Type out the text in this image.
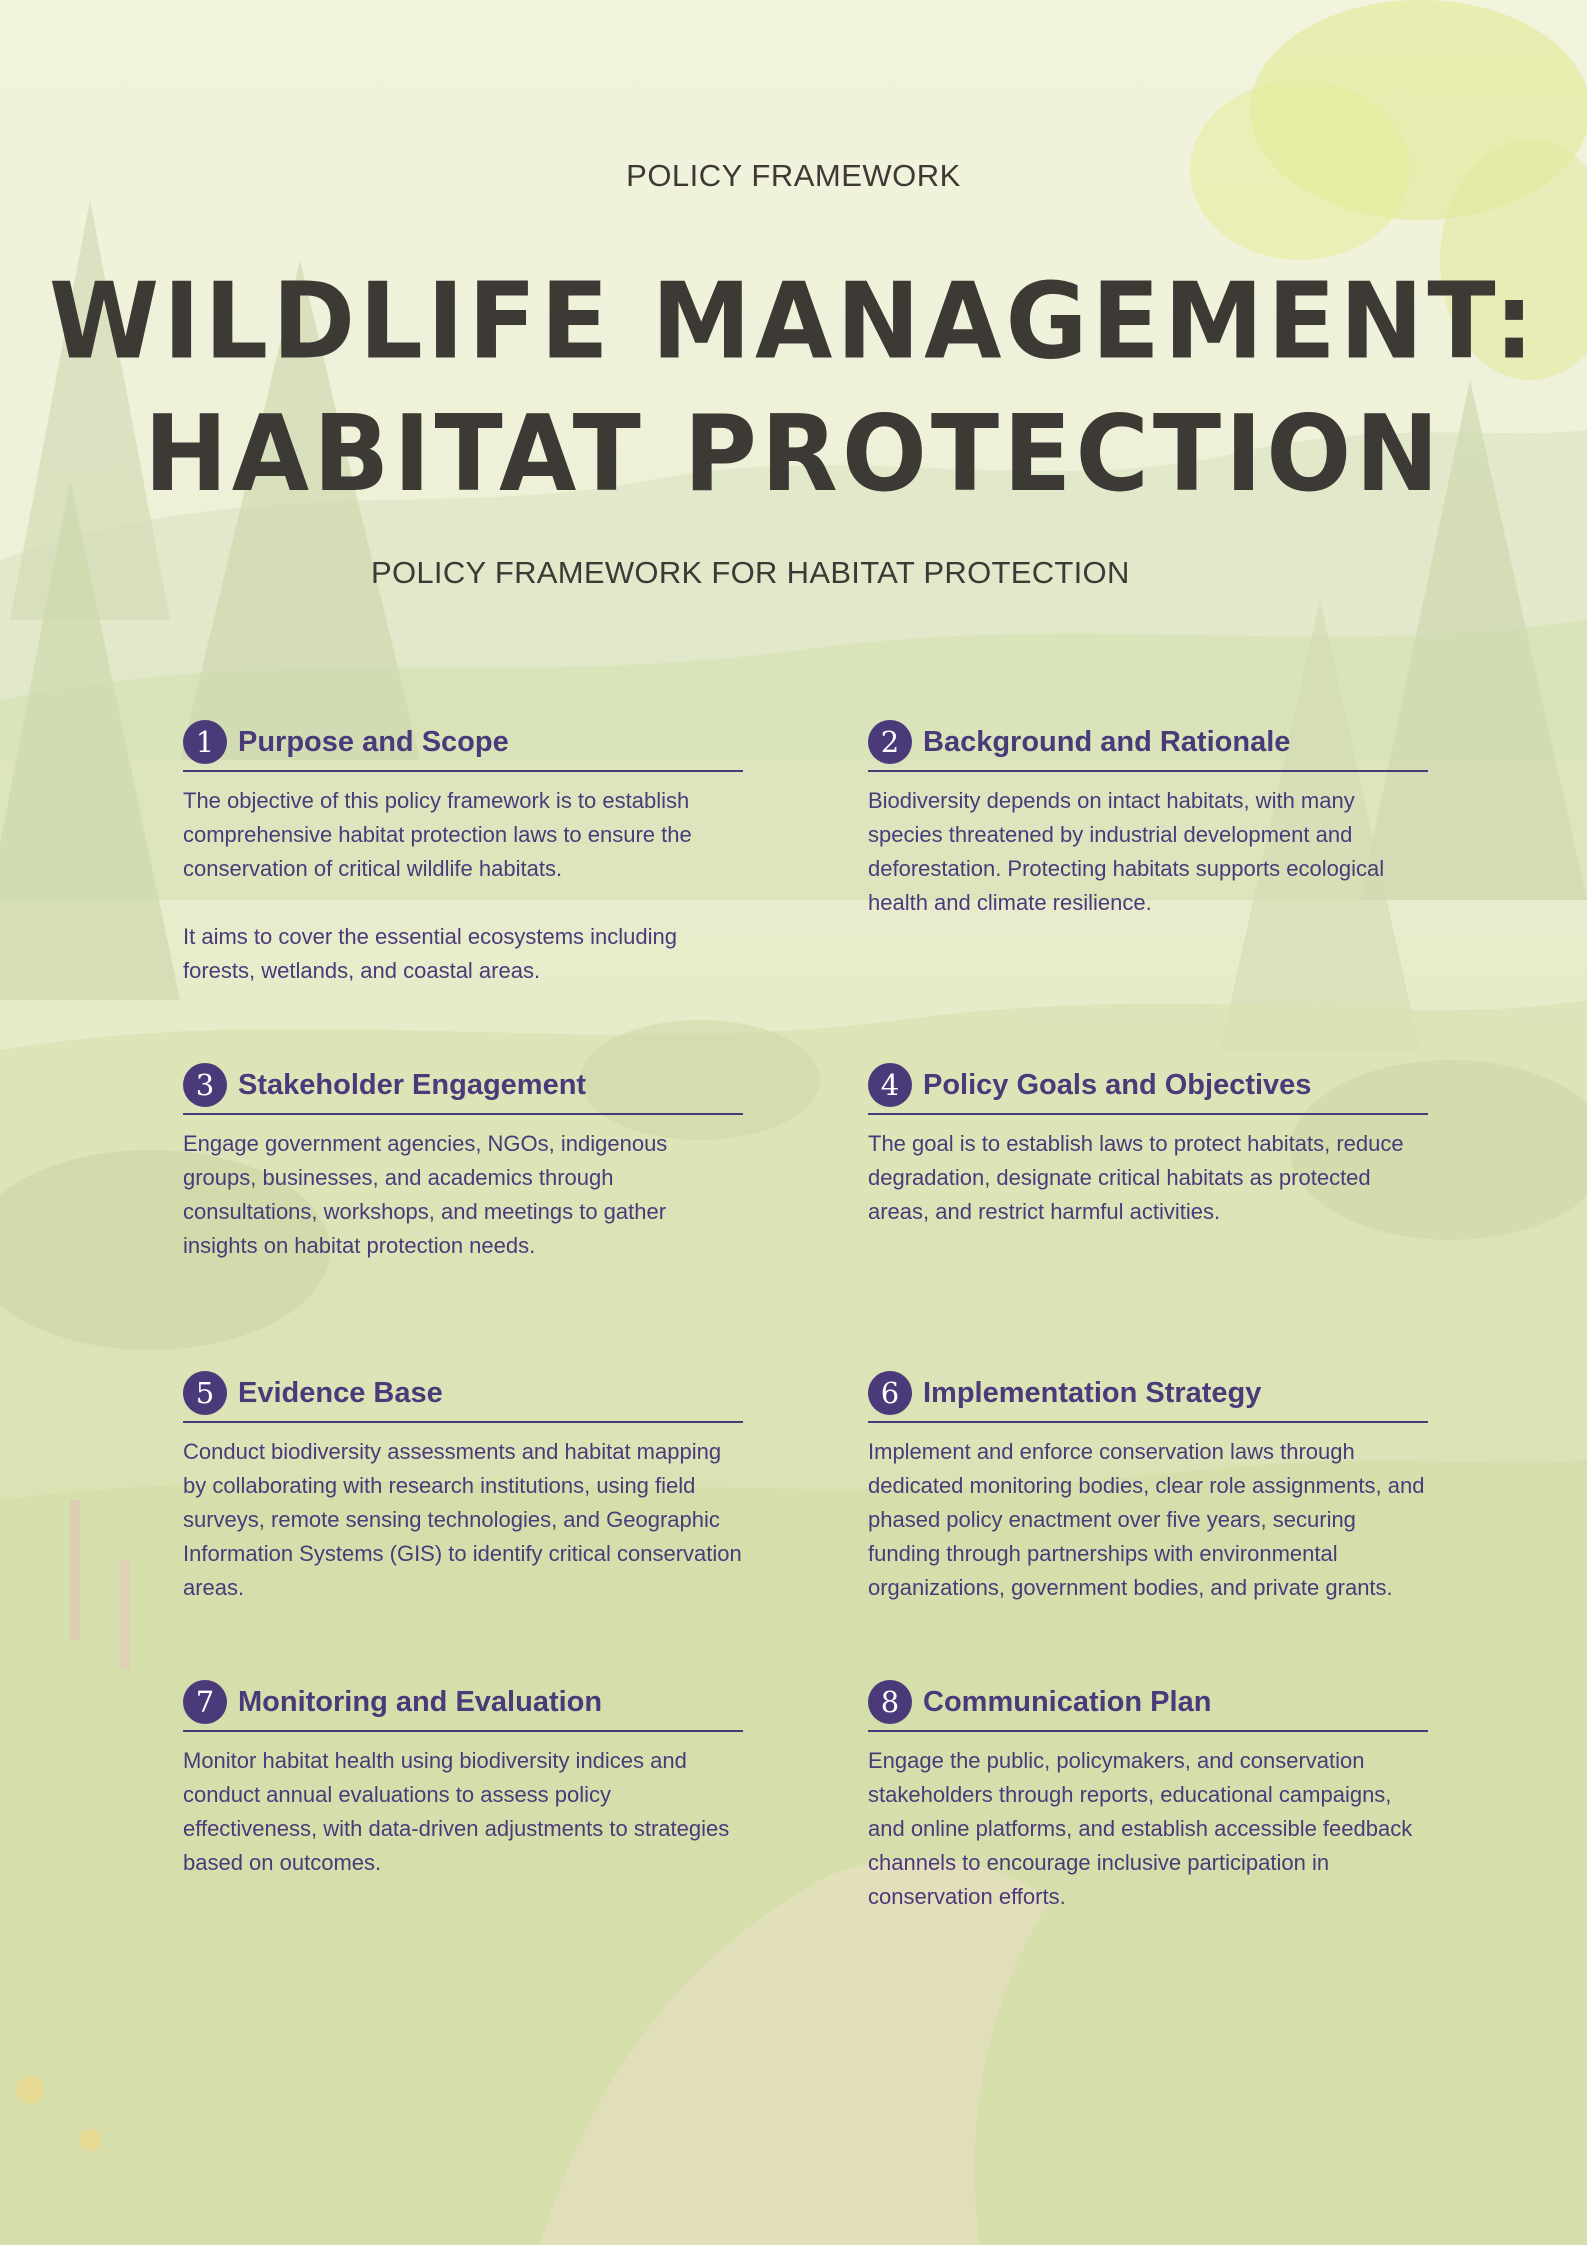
POLICY FRAMEWORK
WILDLIFE MANAGEMENT:
HABITAT PROTECTION
POLICY FRAMEWORK FOR HABITAT PROTECTION
1 Purpose and Scope

The objective of this policy framework is to establish comprehensive habitat protection laws to ensure the conservation of critical wildlife habitats.

It aims to cover the essential ecosystems including forests, wetlands, and coastal areas.

2 Background and Rationale

Biodiversity depends on intact habitats, with many species threatened by industrial development and deforestation. Protecting habitats supports ecological health and climate resilience.

3 Stakeholder Engagement

Engage government agencies, NGOs, indigenous groups, businesses, and academics through consultations, workshops, and meetings to gather insights on habitat protection needs.

4 Policy Goals and Objectives

The goal is to establish laws to protect habitats, reduce degradation, designate critical habitats as protected areas, and restrict harmful activities.

5 Evidence Base

Conduct biodiversity assessments and habitat mapping by collaborating with research institutions, using field surveys, remote sensing technologies, and Geographic Information Systems (GIS) to identify critical conservation areas.

6 Implementation Strategy

Implement and enforce conservation laws through dedicated monitoring bodies, clear role assignments, and phased policy enactment over five years, securing funding through partnerships with environmental organizations, government bodies, and private grants.

7 Monitoring and Evaluation

Monitor habitat health using biodiversity indices and conduct annual evaluations to assess policy effectiveness, with data-driven adjustments to strategies based on outcomes.

8 Communication Plan

Engage the public, policymakers, and conservation stakeholders through reports, educational campaigns, and online platforms, and establish accessible feedback channels to encourage inclusive participation in conservation efforts.
